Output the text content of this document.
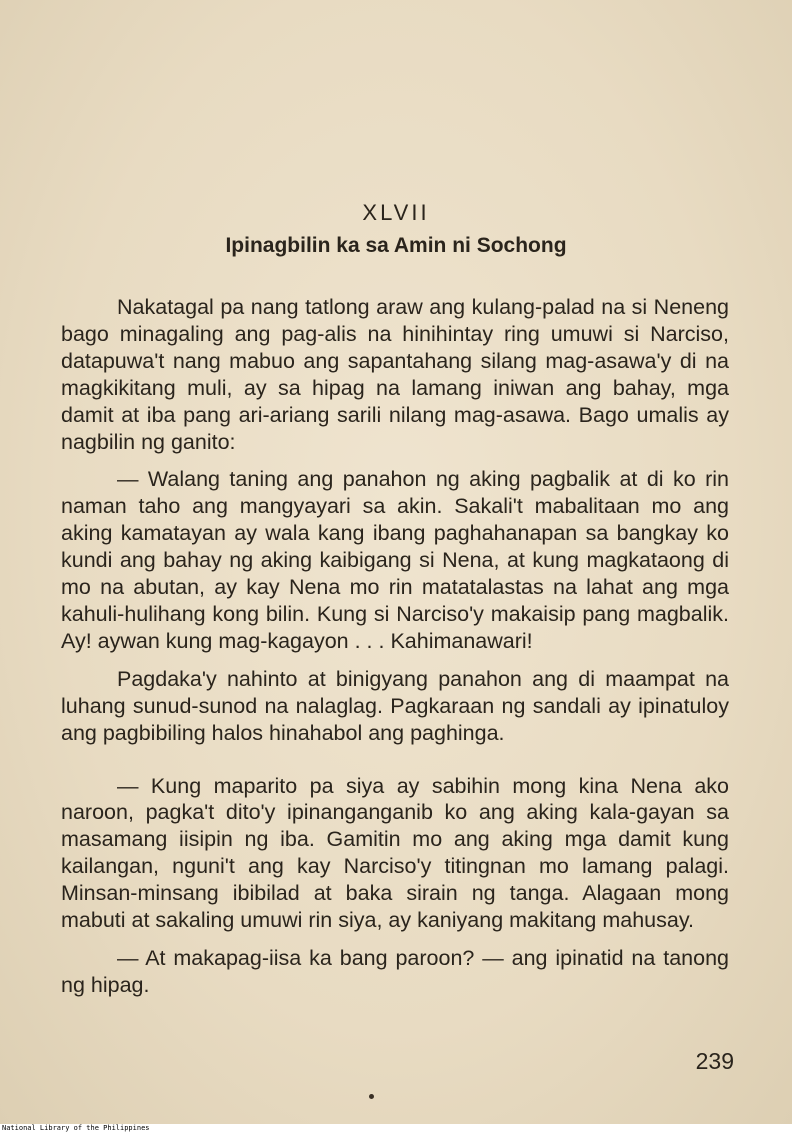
XLVII
Ipinagbilin ka sa Amin ni Sochong

Nakatagal pa nang tatlong araw ang kulang-palad na si Neneng bago minagaling ang pag-alis na hinihintay ring umuwi si Narciso, datapuwa't nang mabuo ang sapantahang silang mag-asawa'y di na magkikitang muli, ay sa hipag na lamang iniwan ang bahay, mga damit at iba pang ari-ariang sarili nilang mag-asawa. Bago umalis ay nagbilin ng ganito:

— Walang taning ang panahon ng aking pagbalik at di ko rin naman taho ang mangyayari sa akin. Sakali't mabalitaan mo ang aking kamatayan ay wala kang ibang paghahanapan sa bangkay ko kundi ang bahay ng aking kaibigang si Nena, at kung magkataong di mo na abutan, ay kay Nena mo rin matatalastas na lahat ang mga kahuli-hulihang kong bilin. Kung si Narciso'y makaisip pang magbalik. Ay! aywan kung mag-kagayon . . . Kahimanawari!

Pagdaka'y nahinto at binigyang panahon ang di maampat na luhang sunud-sunod na nalaglag. Pagkaraan ng sandali ay ipinatuloy ang pagbibiling halos hinahabol ang paghinga.

— Kung maparito pa siya ay sabihin mong kina Nena ako naroon, pagka't dito'y ipinanganganib ko ang aking kala-gayan sa masamang iisipin ng iba. Gamitin mo ang aking mga damit kung kailangan, nguni't ang kay Narciso'y titingnan mo lamang palagi. Minsan-minsang ibibilad at baka sirain ng tanga. Alagaan mong mabuti at sakaling umuwi rin siya, ay kaniyang makitang mahusay.

— At makapag-iisa ka bang paroon? — ang ipinatid na tanong ng hipag.

239
National Library of the Philippines
